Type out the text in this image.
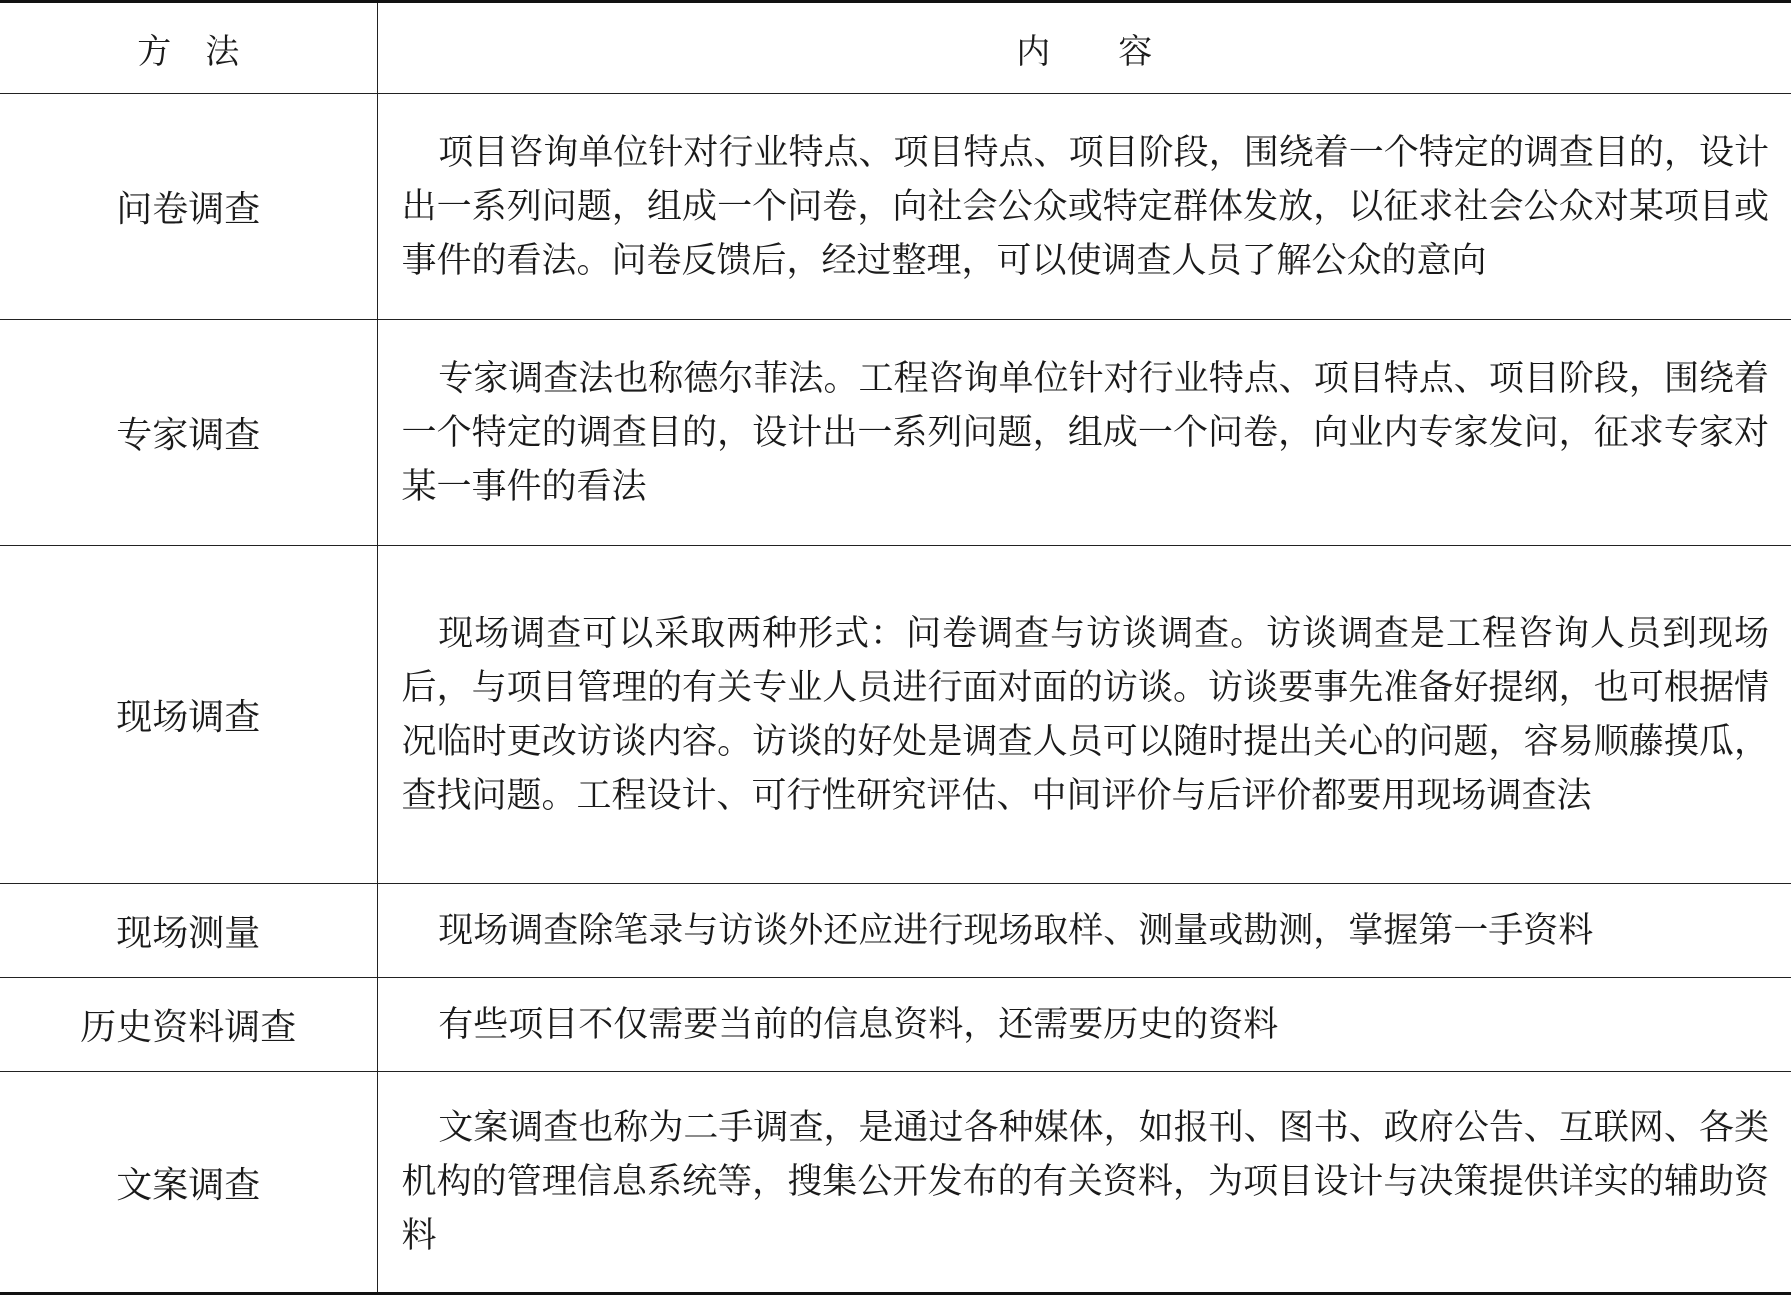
方　法	内　　容
问卷调查	项目咨询单位针对行业特点、项目特点、项目阶段，围绕着一个特定的调查目的，设计出一系列问题，组成一个问卷，向社会公众或特定群体发放，以征求社会公众对某项目或事件的看法。问卷反馈后，经过整理，可以使调查人员了解公众的意向
专家调查	专家调查法也称德尔菲法。工程咨询单位针对行业特点、项目特点、项目阶段，围绕着一个特定的调查目的，设计出一系列问题，组成一个问卷，向业内专家发问，征求专家对某一事件的看法
现场调查	现场调查可以采取两种形式：问卷调查与访谈调查。访谈调查是工程咨询人员到现场后，与项目管理的有关专业人员进行面对面的访谈。访谈要事先准备好提纲，也可根据情况临时更改访谈内容。访谈的好处是调查人员可以随时提出关心的问题，容易顺藤摸瓜，查找问题。工程设计、可行性研究评估、中间评价与后评价都要用现场调查法
现场测量	现场调查除笔录与访谈外还应进行现场取样、测量或勘测，掌握第一手资料
历史资料调查	有些项目不仅需要当前的信息资料，还需要历史的资料
文案调查	文案调查也称为二手调查，是通过各种媒体，如报刊、图书、政府公告、互联网、各类机构的管理信息系统等，搜集公开发布的有关资料，为项目设计与决策提供详实的辅助资料
